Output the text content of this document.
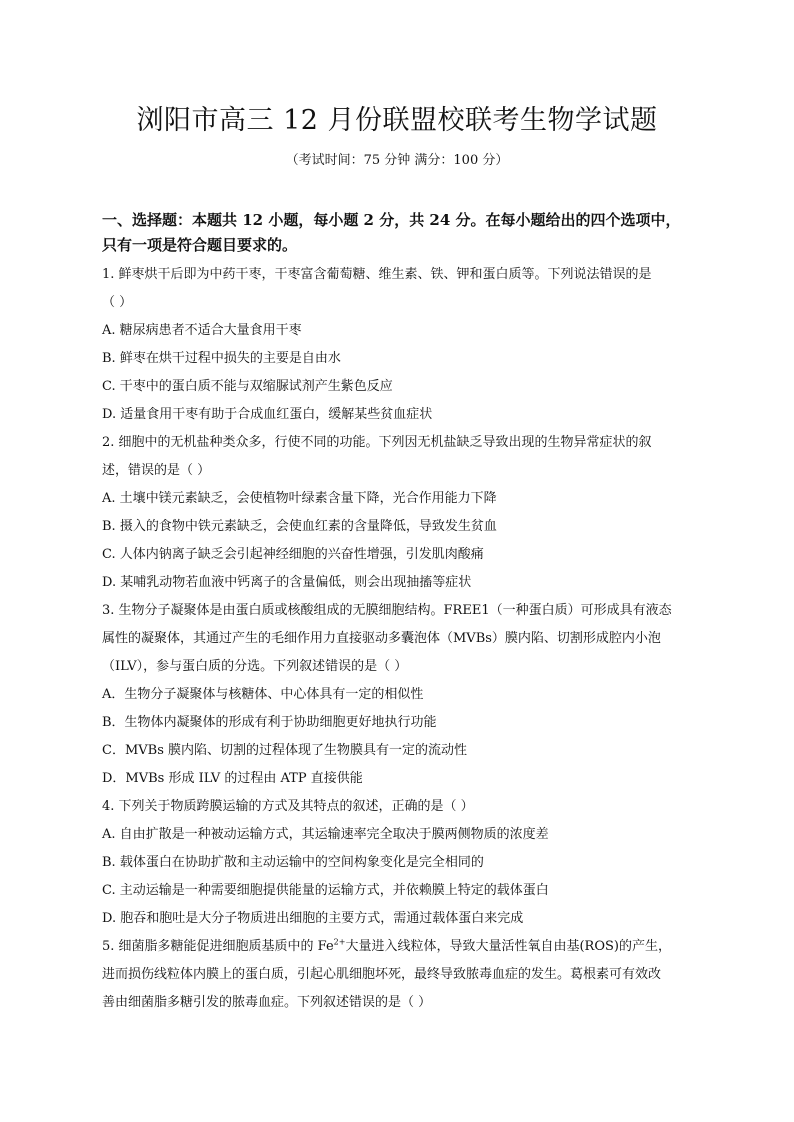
浏阳市高三 12 月份联盟校联考生物学试题
（考试时间：75 分钟 满分：100 分）
一、选择题：本题共 12 小题，每小题 2 分，共 24 分。在每小题给出的四个选项中，
只有一项是符合题目要求的。
1. 鲜枣烘干后即为中药干枣，干枣富含葡萄糖、维生素、铁、钾和蛋白质等。下列说法错误的是
（ ）
A. 糖尿病患者不适合大量食用干枣
B. 鲜枣在烘干过程中损失的主要是自由水
C. 干枣中的蛋白质不能与双缩脲试剂产生紫色反应
D. 适量食用干枣有助于合成血红蛋白，缓解某些贫血症状
2. 细胞中的无机盐种类众多，行使不同的功能。下列因无机盐缺乏导致出现的生物异常症状的叙
述，错误的是（ ）
A. 土壤中镁元素缺乏，会使植物叶绿素含量下降，光合作用能力下降
B. 摄入的食物中铁元素缺乏，会使血红素的含量降低，导致发生贫血
C. 人体内钠离子缺乏会引起神经细胞的兴奋性增强，引发肌肉酸痛
D. 某哺乳动物若血液中钙离子的含量偏低，则会出现抽搐等症状
3. 生物分子凝聚体是由蛋白质或核酸组成的无膜细胞结构。FREE1（一种蛋白质）可形成具有液态
属性的凝聚体，其通过产生的毛细作用力直接驱动多囊泡体（MVBs）膜内陷、切割形成腔内小泡
（ILV），参与蛋白质的分选。下列叙述错误的是（ ）
A．生物分子凝聚体与核糖体、中心体具有一定的相似性
B．生物体内凝聚体的形成有利于协助细胞更好地执行功能
C．MVBs 膜内陷、切割的过程体现了生物膜具有一定的流动性
D．MVBs 形成 ILV 的过程由 ATP 直接供能
4. 下列关于物质跨膜运输的方式及其特点的叙述，正确的是（ ）
A. 自由扩散是一种被动运输方式，其运输速率完全取决于膜两侧物质的浓度差
B. 载体蛋白在协助扩散和主动运输中的空间构象变化是完全相同的
C. 主动运输是一种需要细胞提供能量的运输方式，并依赖膜上特定的载体蛋白
D. 胞吞和胞吐是大分子物质进出细胞的主要方式，需通过载体蛋白来完成
5. 细菌脂多糖能促进细胞质基质中的 $Fe^{2+}$大量进入线粒体，导致大量活性氧自由基(ROS)的产生，
进而损伤线粒体内膜上的蛋白质，引起心肌细胞坏死，最终导致脓毒血症的发生。葛根素可有效改
善由细菌脂多糖引发的脓毒血症。下列叙述错误的是（ ）
